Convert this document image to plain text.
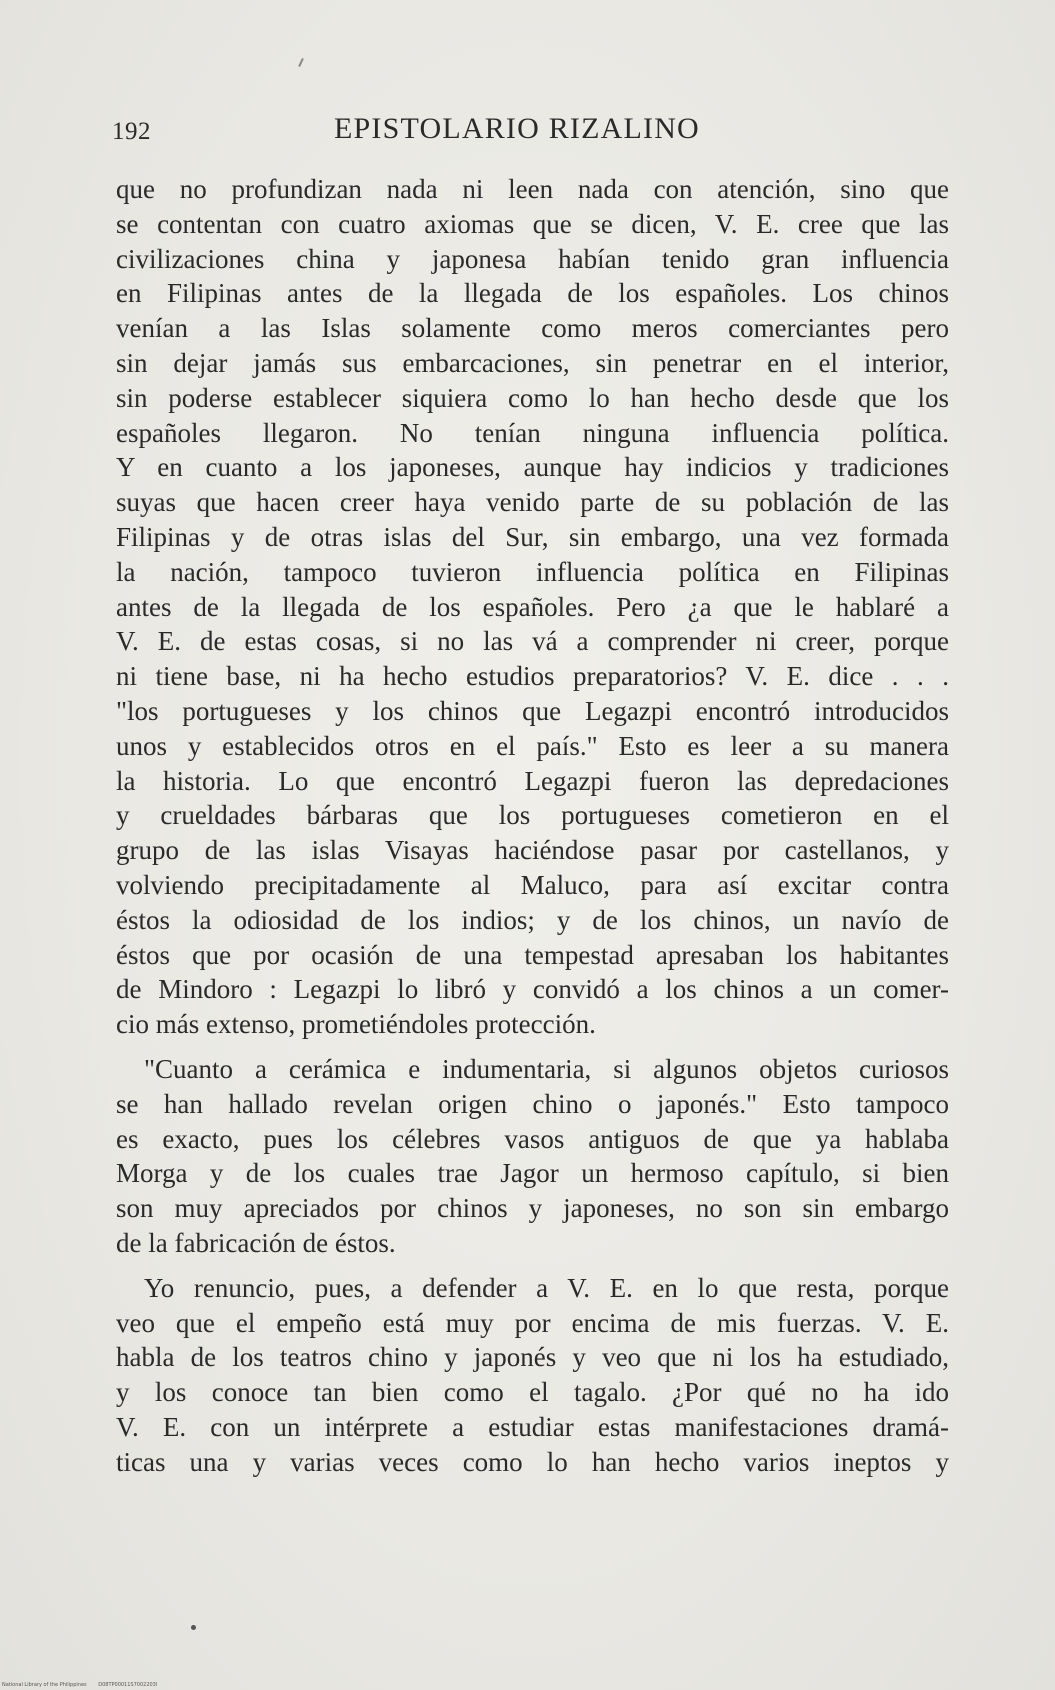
192	EPISTOLARIO RIZALINO
que no profundizan nada ni leen nada con atención, sino que
se contentan con cuatro axiomas que se dicen, V. E. cree que las
civilizaciones china y japonesa habían tenido gran influencia
en Filipinas antes de la llegada de los españoles. Los chinos
venían a las Islas solamente como meros comerciantes pero
sin dejar jamás sus embarcaciones, sin penetrar en el interior,
sin poderse establecer siquiera como lo han hecho desde que los
españoles llegaron. No tenían ninguna influencia política.
Y en cuanto a los japoneses, aunque hay indicios y tradiciones
suyas que hacen creer haya venido parte de su población de las
Filipinas y de otras islas del Sur, sin embargo, una vez formada
la nación, tampoco tuvieron influencia política en Filipinas
antes de la llegada de los españoles. Pero ¿a que le hablaré a
V. E. de estas cosas, si no las vá a comprender ni creer, porque
ni tiene base, ni ha hecho estudios preparatorios? V. E. dice . . .
"los portugueses y los chinos que Legazpi encontró introducidos
unos y establecidos otros en el país." Esto es leer a su manera
la historia. Lo que encontró Legazpi fueron las depredaciones
y crueldades bárbaras que los portugueses cometieron en el
grupo de las islas Visayas haciéndose pasar por castellanos, y
volviendo precipitadamente al Maluco, para así excitar contra
éstos la odiosidad de los indios; y de los chinos, un navío de
éstos que por ocasión de una tempestad apresaban los habitantes
de Mindoro : Legazpi lo libró y convidó a los chinos a un comer-
cio más extenso, prometiéndoles protección.
"Cuanto a cerámica e indumentaria, si algunos objetos curiosos
se han hallado revelan origen chino o japonés." Esto tampoco
es exacto, pues los célebres vasos antiguos de que ya hablaba
Morga y de los cuales trae Jagor un hermoso capítulo, si bien
son muy apreciados por chinos y japoneses, no son sin embargo
de la fabricación de éstos.
Yo renuncio, pues, a defender a V. E. en lo que resta, porque
veo que el empeño está muy por encima de mis fuerzas. V. E.
habla de los teatros chino y japonés y veo que ni los ha estudiado,
y los conoce tan bien como el tagalo. ¿Por qué no ha ido
V. E. con un intérprete a estudiar estas manifestaciones dramá-
ticas una y varias veces como lo han hecho varios ineptos y
National Library of the Philippines D08TP00011S7002203I
